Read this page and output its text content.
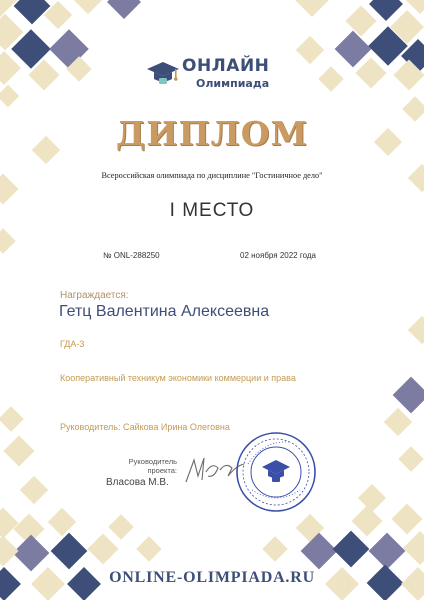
ОНЛАЙН
Олимпиада
ДИПЛОМ
Всероссийская олимпиада по дисциплине "Гостиничное дело"
I МЕСТО
№ ONL-288250	02 ноября 2022 года
Награждается:
Гетц Валентина Алексеевна
ГДА-3
Кооперативный техникум экономики коммерции и права
Руководитель: Сайкова Ирина Олеговна
Руководитель
проекта:
Власова М.В.
ONLINE-OLIMPIADA.RU
